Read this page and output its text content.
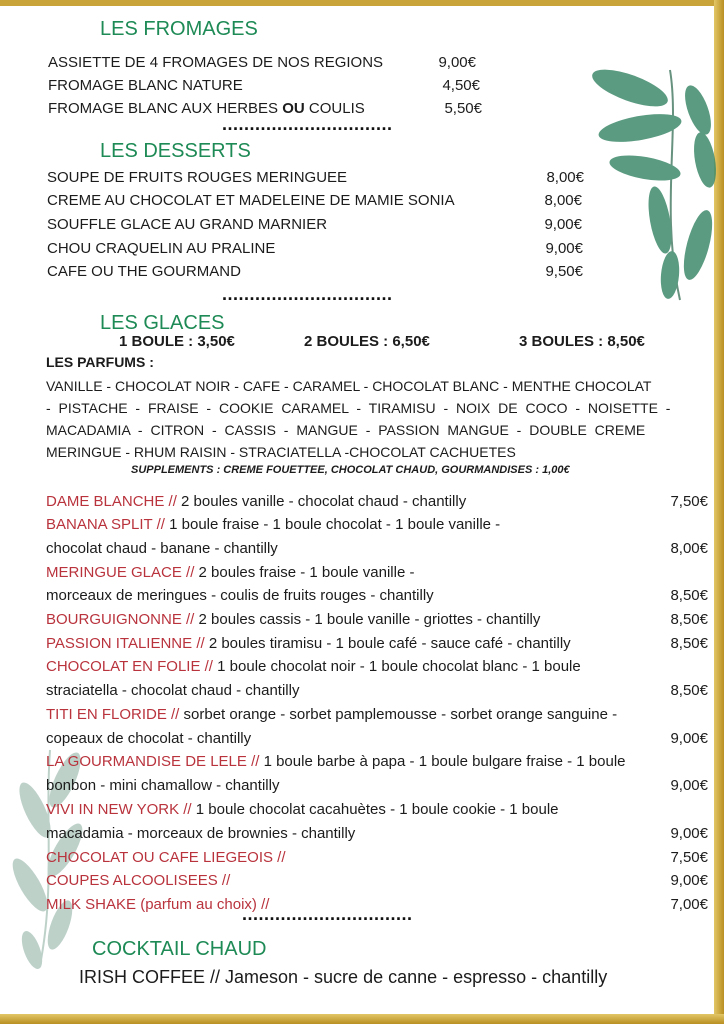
LES FROMAGES
ASSIETTE DE 4 FROMAGES DE NOS REGIONS	9,00€
FROMAGE BLANC NATURE	4,50€
FROMAGE BLANC AUX HERBES OU COULIS	5,50€
...............................
LES DESSERTS
SOUPE DE FRUITS ROUGES MERINGUEE	8,00€
CREME AU CHOCOLAT ET MADELEINE DE MAMIE SONIA	8,00€
SOUFFLE GLACE AU GRAND MARNIER	9,00€
CHOU CRAQUELIN AU PRALINE	9,00€
CAFE OU THE GOURMAND	9,50€
...............................
LES GLACES
1 BOULE : 3,50€	2 BOULES : 6,50€	3 BOULES : 8,50€
LES PARFUMS :
VANILLE - CHOCOLAT NOIR - CAFE - CARAMEL - CHOCOLAT BLANC - MENTHE CHOCOLAT
- PISTACHE - FRAISE - COOKIE CARAMEL - TIRAMISU - NOIX DE COCO - NOISETTE -
MACADAMIA - CITRON - CASSIS - MANGUE - PASSION MANGUE - DOUBLE CREME
MERINGUE - RHUM RAISIN - STRACIATELLA -CHOCOLAT CACHUETES
SUPPLEMENTS : CREME FOUETTEE, CHOCOLAT CHAUD, GOURMANDISES : 1,00€
DAME BLANCHE // 2 boules vanille - chocolat chaud - chantilly	7,50€
BANANA SPLIT // 1 boule fraise - 1 boule chocolat - 1 boule vanille -
chocolat chaud - banane - chantilly	8,00€
MERINGUE GLACE // 2 boules fraise - 1 boule vanille -
morceaux de meringues - coulis de fruits rouges - chantilly	8,50€
BOURGUIGNONNE // 2 boules cassis - 1 boule vanille - griottes - chantilly	8,50€
PASSION ITALIENNE // 2 boules tiramisu - 1 boule café - sauce café - chantilly	8,50€
CHOCOLAT EN FOLIE // 1 boule chocolat noir - 1 boule chocolat blanc - 1 boule
straciatella - chocolat chaud - chantilly	8,50€
TITI EN FLORIDE // sorbet orange - sorbet pamplemousse - sorbet orange sanguine -
copeaux de chocolat - chantilly	9,00€
LA GOURMANDISE DE LELE // 1 boule barbe à papa - 1 boule bulgare fraise - 1 boule
bonbon - mini chamallow - chantilly	9,00€
VIVI IN NEW YORK // 1 boule chocolat cacahuètes - 1 boule cookie - 1 boule
macadamia - morceaux de brownies - chantilly	9,00€
CHOCOLAT OU CAFE LIEGEOIS //	7,50€
COUPES ALCOOLISEES //	9,00€
MILK SHAKE (parfum au choix) //	7,00€
...............................
COCKTAIL CHAUD
IRISH COFFEE // Jameson - sucre de canne - espresso - chantilly
